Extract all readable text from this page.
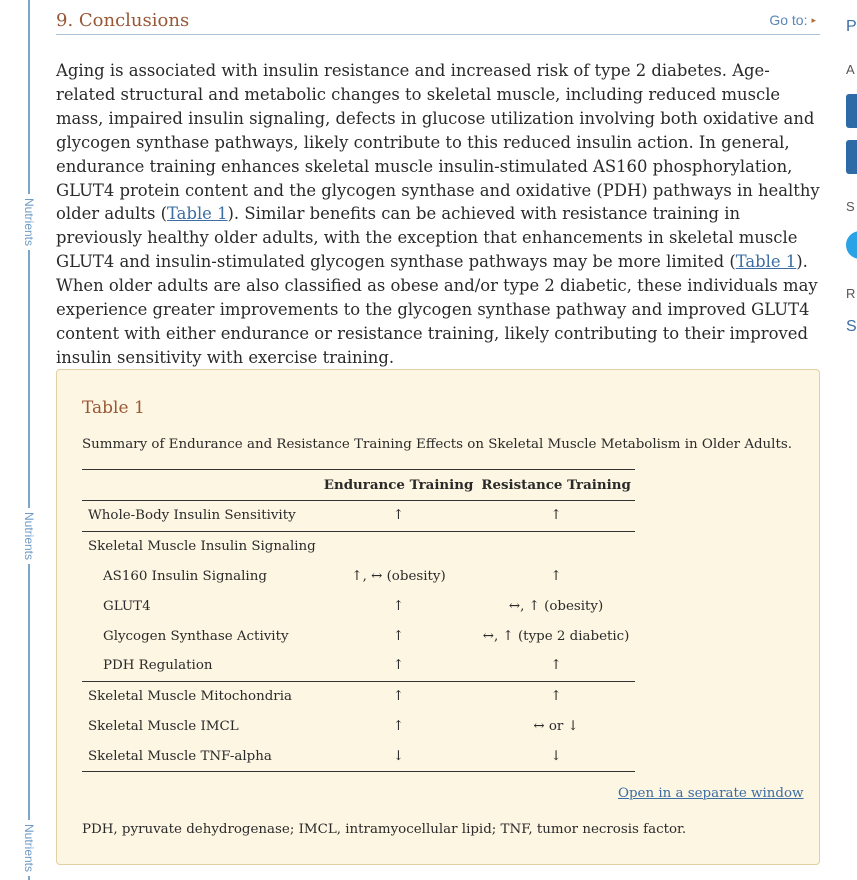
Nutrients
Nutrients
Nutrients
9. Conclusions	Go to: ▸

Aging is associated with insulin resistance and increased risk of type 2 diabetes. Age-related structural and metabolic changes to skeletal muscle, including reduced muscle mass, impaired insulin signaling, defects in glucose utilization involving both oxidative and glycogen synthase pathways, likely contribute to this reduced insulin action. In general, endurance training enhances skeletal muscle insulin-stimulated AS160 phosphorylation, GLUT4 protein content and the glycogen synthase and oxidative (PDH) pathways in healthy older adults (Table 1). Similar benefits can be achieved with resistance training in previously healthy older adults, with the exception that enhancements in skeletal muscle GLUT4 and insulin-stimulated glycogen synthase pathways may be more limited (Table 1). When older adults are also classified as obese and/or type 2 diabetic, these individuals may experience greater improvements to the glycogen synthase pathway and improved GLUT4 content with either endurance or resistance training, likely contributing to their improved insulin sensitivity with exercise training.

Table 1
Summary of Endurance and Resistance Training Effects on Skeletal Muscle Metabolism in Older Adults.
	Endurance Training	Resistance Training
Whole-Body Insulin Sensitivity	↑	↑
Skeletal Muscle Insulin Signaling		
AS160 Insulin Signaling	↑, ↔ (obesity)	↑
GLUT4	↑	↔, ↑ (obesity)
Glycogen Synthase Activity	↑	↔, ↑ (type 2 diabetic)
PDH Regulation	↑	↑
Skeletal Muscle Mitochondria	↑	↑
Skeletal Muscle IMCL	↑	↔ or ↓
Skeletal Muscle TNF-alpha	↓	↓
Open in a separate window
PDH, pyruvate dehydrogenase; IMCL, intramyocellular lipid; TNF, tumor necrosis factor.
P
A
S
R
S
